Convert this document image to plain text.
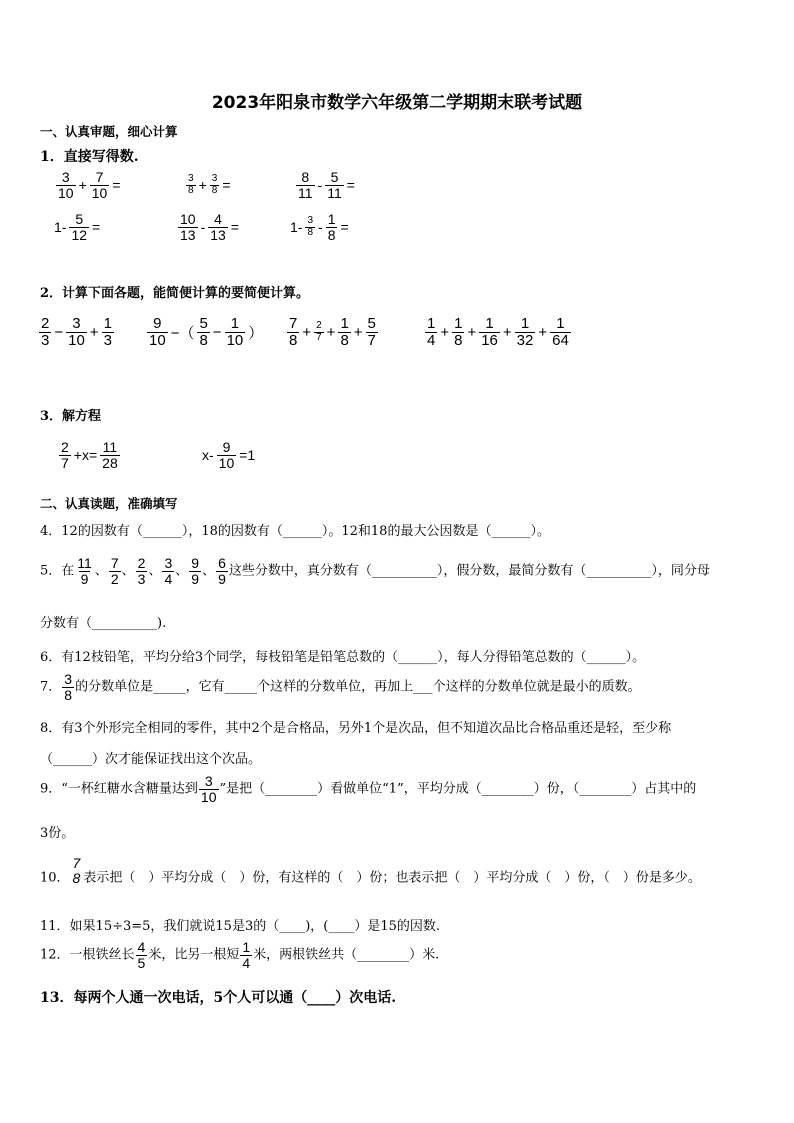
2023年阳泉市数学六年级第二学期期末联考试题
一、认真审题，细心计算
1．直接写得数.
$\frac{3}{10} + \frac{7}{10}$ =	$\frac{3}{8} + \frac{3}{8}$ =	$\frac{8}{11} - \frac{5}{11}$ =
$1- \frac{5}{12}$ =	$\frac{10}{13} - \frac{4}{13}$ =	$1- \frac{3}{8} - \frac{1}{8}$ =
2．计算下面各题，能简便计算的要简便计算。
$\frac{2}{3} - \frac{3}{10} + \frac{1}{3} \frac{9}{10}$ −（ $\frac{5}{8} - \frac{1}{10}$ ） $\frac{7}{8} + \frac{2}{7} + \frac{1}{8} + \frac{5}{7}$	$\frac{1}{4} + \frac{1}{8} + \frac{1}{16} + \frac{1}{32} + \frac{1}{64}$
3．解方程
$\frac{2}{7} +x= \frac{11}{28}$	$x- \frac{9}{10} =1$
二、认真读题，准确填写
4．12的因数有（______），18的因数有（______）。12和18的最大公因数是（______）。
5．在 $\frac{11}{9}$ 、 $\frac{7}{2}$ 、 $\frac{2}{3}$ 、 $\frac{3}{4}$ 、 $\frac{9}{9}$ 、 $\frac{6}{9}$ 这些分数中，真分数有（__________），假分数，最简分数有（__________），同分母
分数有（__________).
6．有12枝铅笔，平均分给3个同学，每枝铅笔是铅笔总数的（______），每人分得铅笔总数的（______）。
7． $\frac{3}{8}$ 的分数单位是_____，它有_____个这样的分数单位，再加上___个这样的分数单位就是最小的质数。
8．有3个外形完全相同的零件，其中2个是合格品，另外1个是次品，但不知道次品比合格品重还是轻，至少称
（______）次才能保证找出这个次品。
9．“一杯红糖水含糖量达到 $\frac{3}{10}$ ”是把（________）看做单位“1”，平均分成（________）份，（________）占其中的
3份。
10．
7
8 表示把（　）平均分成（　）份，有这样的（　）份；也表示把（　）平均分成（　）份，（　）份是多少。
11．如果15÷3=5，我们就说15是3的（____)，(____）是15的因数.
12．一根铁丝长 $\frac{4}{5}$ 米，比另一根短 $\frac{1}{4}$ 米，两根铁丝共（________）米.
13．每两个人通一次电话，5个人可以通（____）次电话.
